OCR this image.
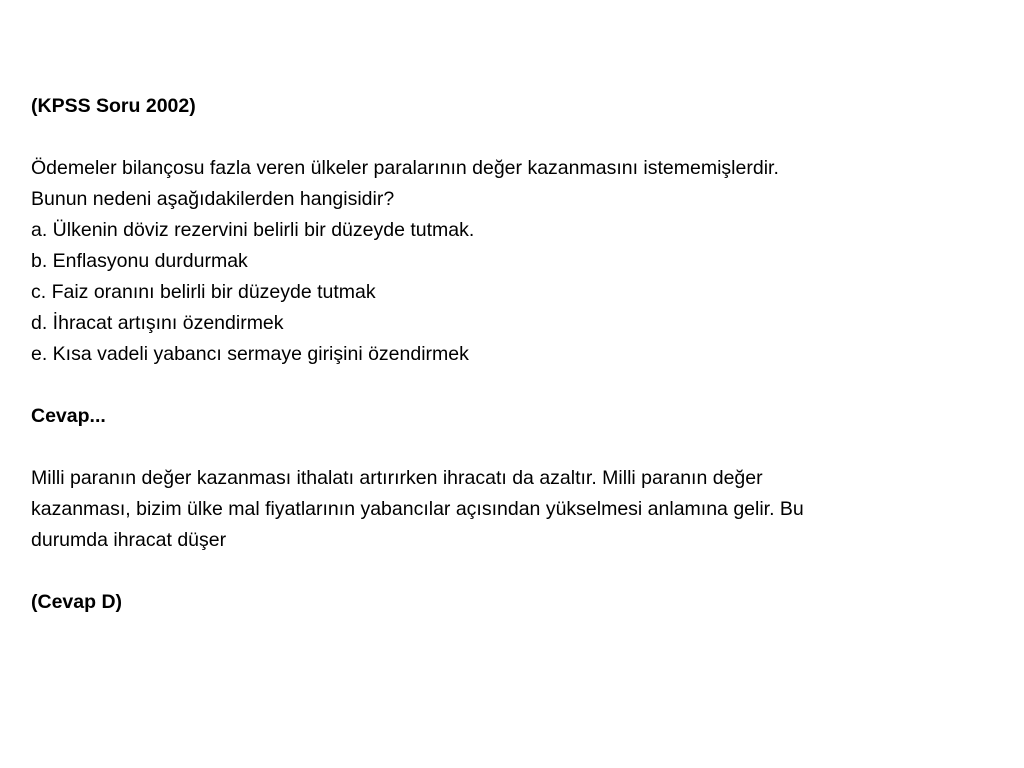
(KPSS Soru 2002)
Ödemeler bilançosu fazla veren ülkeler paralarının değer kazanmasını istememişlerdir.
Bunun nedeni aşağıdakilerden hangisidir?
a. Ülkenin döviz rezervini belirli bir düzeyde tutmak.
b. Enflasyonu durdurmak
c. Faiz oranını belirli bir düzeyde tutmak
d. İhracat artışını özendirmek
e. Kısa vadeli yabancı sermaye girişini özendirmek
Cevap...
Milli paranın değer kazanması ithalatı artırırken ihracatı da azaltır. Milli paranın değer
kazanması, bizim ülke mal fiyatlarının yabancılar açısından yükselmesi anlamına gelir. Bu
durumda ihracat düşer
(Cevap D)
